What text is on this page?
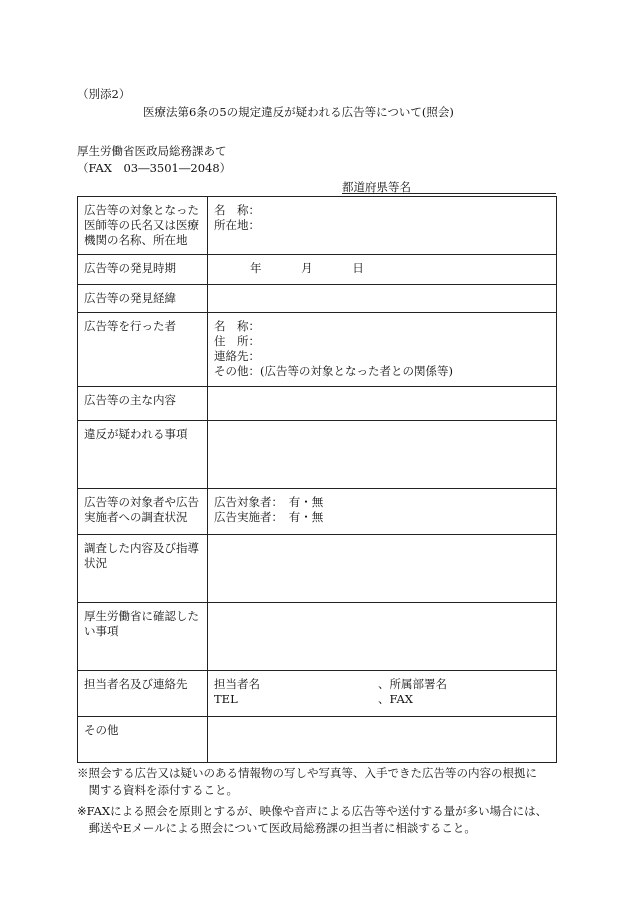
（別添2）
医療法第6条の5の規定違反が疑われる広告等について(照会)
厚生労働省医政局総務課あて
（FAX　03―3501―2048）
都道府県等名
広告等の対象となった医師等の氏名又は医療機関の名称、所在地	名　称：
所在地：

広告等の発見時期	年 月 日
広告等の発見経緯	
広告等を行った者	名　称：
住　所：
連絡先：
その他：(広告等の対象となった者との関係等)

広告等の主な内容	
違反が疑われる事項	
広告等の対象者や広告実施者への調査状況	広告対象者：　有・無
広告実施者：　有・無

調査した内容及び指導状況	
厚生労働省に確認したい事項	
担当者名及び連絡先	担当者名 、所属部署名
TEL 、FAX

その他	
※照会する広告又は疑いのある情報物の写しや写真等、入手できた広告等の内容の根拠に
　関する資料を添付すること。
※FAXによる照会を原則とするが、映像や音声による広告等や送付する量が多い場合には、
　郵送やEメールによる照会について医政局総務課の担当者に相談すること。
